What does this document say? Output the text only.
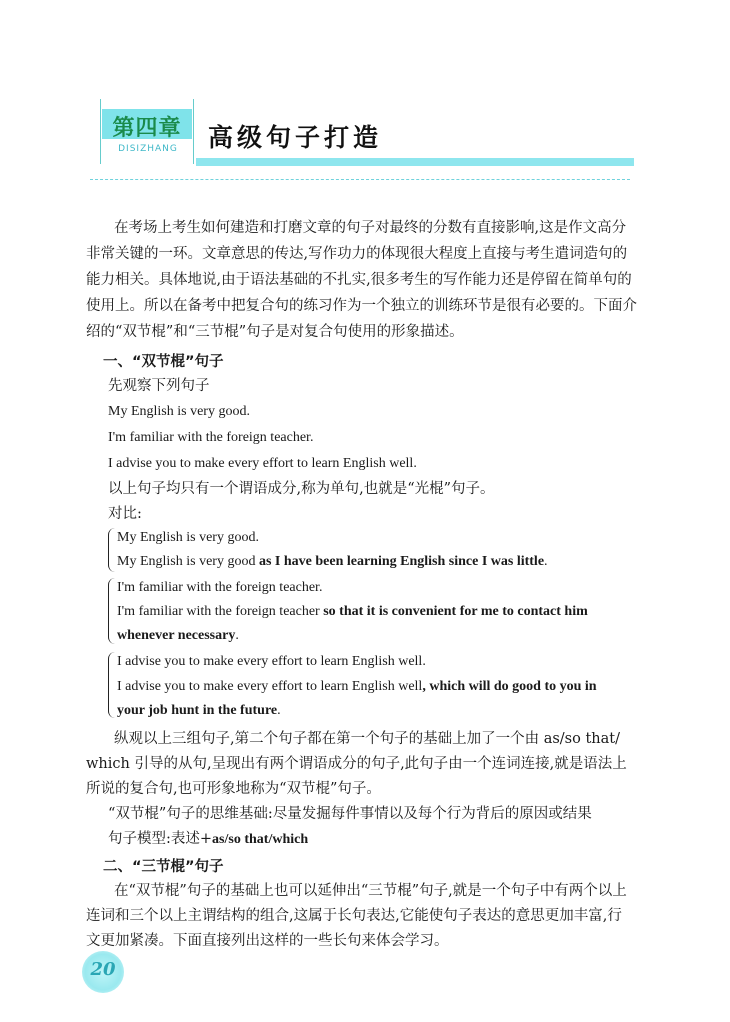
第四章
DISIZHANG	高级句子打造
在考场上考生如何建造和打磨文章的句子对最终的分数有直接影响,这是作文高分
非常关键的一环。文章意思的传达,写作功力的体现很大程度上直接与考生遣词造句的
能力相关。具体地说,由于语法基础的不扎实,很多考生的写作能力还是停留在简单句的
使用上。所以在备考中把复合句的练习作为一个独立的训练环节是很有必要的。下面介
绍的“双节棍”和“三节棍”句子是对复合句使用的形象描述。
一、“双节棍”句子
先观察下列句子
My English is very good.
I'm familiar with the foreign teacher.
I advise you to make every effort to learn English well.
以上句子均只有一个谓语成分,称为单句,也就是“光棍”句子。
对比:
My English is very good.
My English is very good as I have been learning English since I was little.
I'm familiar with the foreign teacher.
I'm familiar with the foreign teacher so that it is convenient for me to contact him
whenever necessary.
I advise you to make every effort to learn English well.
I advise you to make every effort to learn English well, which will do good to you in
your job hunt in the future.
纵观以上三组句子,第二个句子都在第一个句子的基础上加了一个由 as/so that/
which 引导的从句,呈现出有两个谓语成分的句子,此句子由一个连词连接,就是语法上
所说的复合句,也可形象地称为“双节棍”句子。
“双节棍”句子的思维基础:尽量发掘每件事情以及每个行为背后的原因或结果
句子模型:表述+as/so that/which
二、“三节棍”句子
在“双节棍”句子的基础上也可以延伸出“三节棍”句子,就是一个句子中有两个以上
连词和三个以上主谓结构的组合,这属于长句表达,它能使句子表达的意思更加丰富,行
文更加紧凑。下面直接列出这样的一些长句来体会学习。
20
